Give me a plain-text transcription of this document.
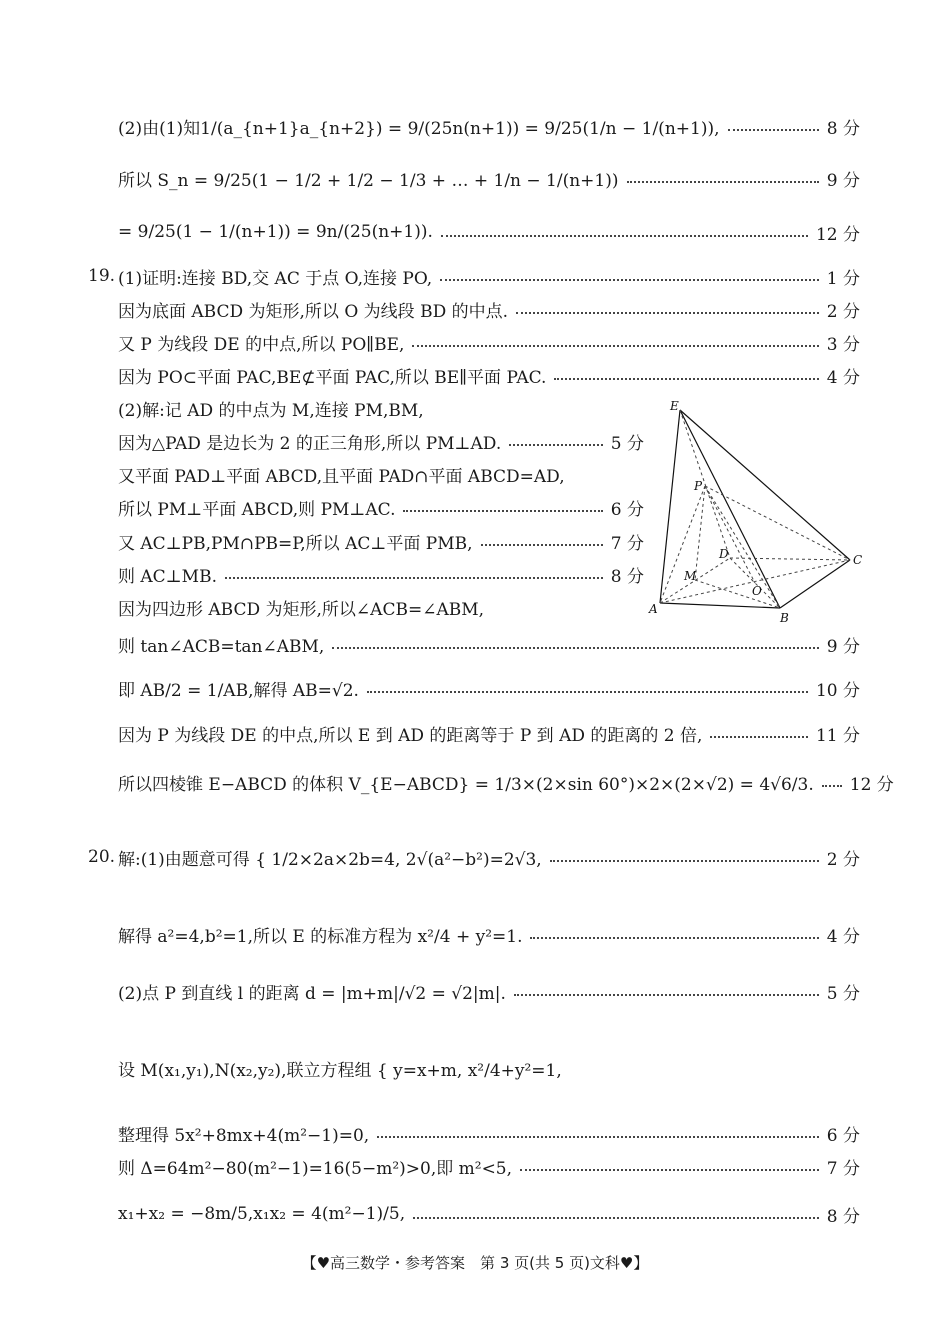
(2)由(1)知1/(a_{n+1}a_{n+2}) = 9/(25n(n+1)) = 9/25(1/n − 1/(n+1)),	8 分
所以 S_n = 9/25(1 − 1/2 + 1/2 − 1/3 + … + 1/n − 1/(n+1))	9 分
= 9/25(1 − 1/(n+1)) = 9n/(25(n+1)).	12 分
19. (1)证明:连接 BD,交 AC 于点 O,连接 PO,	1 分
因为底面 ABCD 为矩形,所以 O 为线段 BD 的中点.	2 分
又 P 为线段 DE 的中点,所以 PO∥BE,	3 分
因为 PO⊂平面 PAC,BE⊄平面 PAC,所以 BE∥平面 PAC.	4 分
(2)解:记 AD 的中点为 M,连接 PM,BM,
因为△PAD 是边长为 2 的正三角形,所以 PM⊥AD.	5 分
又平面 PAD⊥平面 ABCD,且平面 PAD∩平面 ABCD=AD,
所以 PM⊥平面 ABCD,则 PM⊥AC.	6 分
又 AC⊥PB,PM∩PB=P,所以 AC⊥平面 PMB,	7 分
则 AC⊥MB.	8 分
因为四边形 ABCD 为矩形,所以∠ACB=∠ABM,
则 tan∠ACB=tan∠ABM,	9 分
即 AB/2 = 1/AB,解得 AB=√2.	10 分
因为 P 为线段 DE 的中点,所以 E 到 AD 的距离等于 P 到 AD 的距离的 2 倍,	11 分
所以四棱锥 E−ABCD 的体积 V_{E−ABCD} = 1/3×(2×sin 60°)×2×(2×√2) = 4√6/3. 12 分
20. 解:(1)由题意可得 { 1/2×2a×2b=4, 2√(a²−b²)=2√3,	2 分
解得 a²=4,b²=1,所以 E 的标准方程为 x²/4 + y²=1.	4 分
(2)点 P 到直线 l 的距离 d = |m+m|/√2 = √2|m|.	5 分
设 M(x₁,y₁),N(x₂,y₂),联立方程组 { y=x+m, x²/4+y²=1,
整理得 5x²+8mx+4(m²−1)=0,	6 分
则 Δ=64m²−80(m²−1)=16(5−m²)>0,即 m²<5,	7 分
x₁+x₂ = −8m/5,x₁x₂ = 4(m²−1)/5,	8 分
E
P
D
M
O
A
B
C
【♥高三数学・参考答案　第 3 页(共 5 页)文科♥】
